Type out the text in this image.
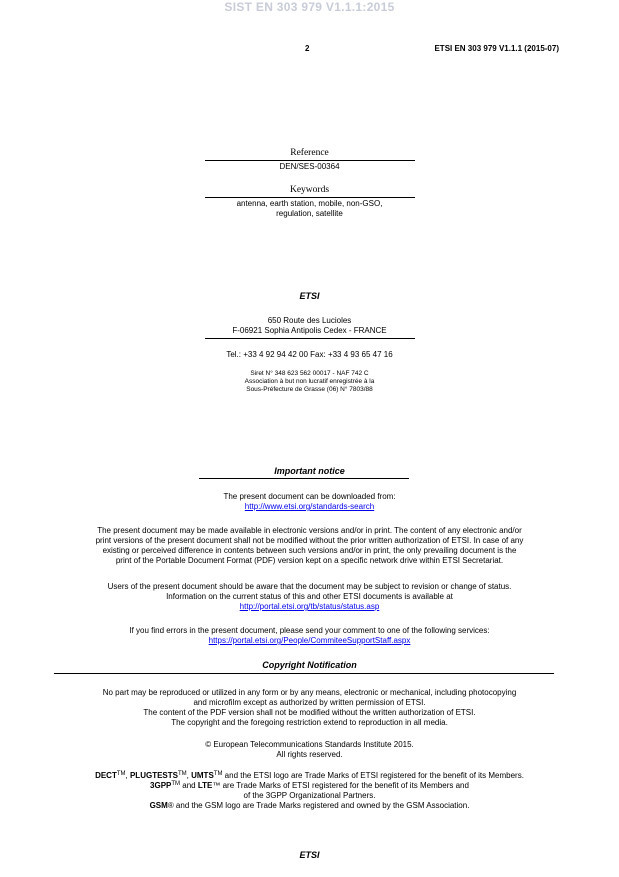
SIST EN 303 979 V1.1.1:2015
2	ETSI EN 303 979 V1.1.1 (2015-07)
Reference
DEN/SES-00364
Keywords
antenna, earth station, mobile, non-GSO,
regulation, satellite
ETSI
650 Route des Lucioles
F-06921 Sophia Antipolis Cedex - FRANCE
Tel.: +33 4 92 94 42 00 Fax: +33 4 93 65 47 16
Siret N° 348 623 562 00017 - NAF 742 C
Association à but non lucratif enregistrée à la
Sous-Préfecture de Grasse (06) N° 7803/88
Important notice
The present document can be downloaded from:
http://www.etsi.org/standards-search
The present document may be made available in electronic versions and/or in print. The content of any electronic and/or
print versions of the present document shall not be modified without the prior written authorization of ETSI. In case of any
existing or perceived difference in contents between such versions and/or in print, the only prevailing document is the
print of the Portable Document Format (PDF) version kept on a specific network drive within ETSI Secretariat.
Users of the present document should be aware that the document may be subject to revision or change of status.
Information on the current status of this and other ETSI documents is available at
http://portal.etsi.org/tb/status/status.asp
If you find errors in the present document, please send your comment to one of the following services:
https://portal.etsi.org/People/CommiteeSupportStaff.aspx
Copyright Notification
No part may be reproduced or utilized in any form or by any means, electronic or mechanical, including photocopying
and microfilm except as authorized by written permission of ETSI.
The content of the PDF version shall not be modified without the written authorization of ETSI.
The copyright and the foregoing restriction extend to reproduction in all media.
© European Telecommunications Standards Institute 2015.
All rights reserved.
DECT™, PLUGTESTS™, UMTS™ and the ETSI logo are Trade Marks of ETSI registered for the benefit of its Members.
3GPP™ and LTE™ are Trade Marks of ETSI registered for the benefit of its Members and
of the 3GPP Organizational Partners.
GSM® and the GSM logo are Trade Marks registered and owned by the GSM Association.
ETSI
